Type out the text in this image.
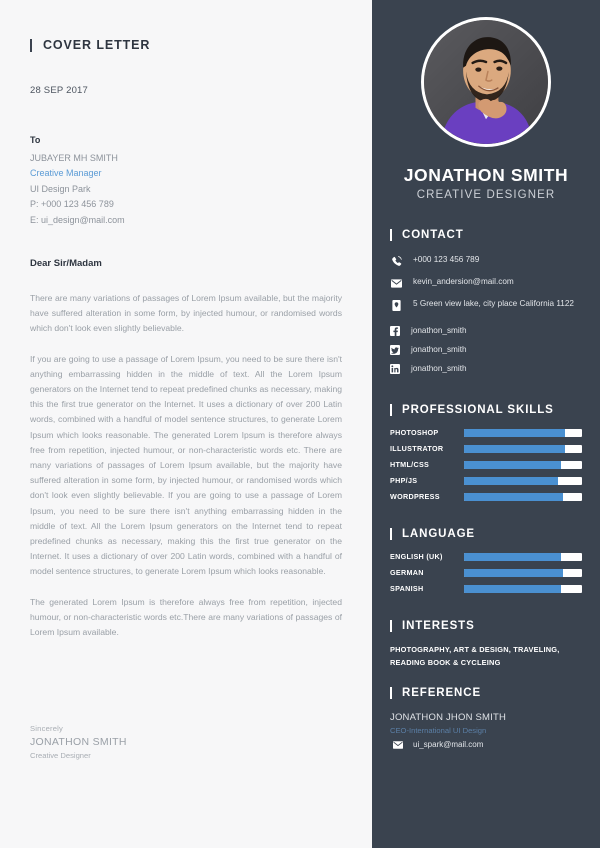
COVER LETTER
28 SEP 2017
To
JUBAYER MH SMITH
Creative Manager
UI Design Park
P: +000 123 456 789
E: ui_design@mail.com
Dear Sir/Madam

There are many variations of passages of Lorem Ipsum available, but the majority have suffered alteration in some form, by injected humour, or randomised words which don't look even slightly believable.

If you are going to use a passage of Lorem Ipsum, you need to be sure there isn't anything embarrassing hidden in the middle of text. All the Lorem Ipsum generators on the Internet tend to repeat predefined chunks as necessary, making this the first true generator on the Internet. It uses a dictionary of over 200 Latin words, combined with a handful of model sentence structures, to generate Lorem Ipsum which looks reasonable. The generated Lorem Ipsum is therefore always free from repetition, injected humour, or non-characteristic words etc. There are many variations of passages of Lorem Ipsum available, but the majority have suffered alteration in some form, by injected humour, or randomised words which don't look even slightly believable. If you are going to use a passage of Lorem Ipsum, you need to be sure there isn't anything embarrassing hidden in the middle of text. All the Lorem Ipsum generators on the Internet tend to repeat predefined chunks as necessary, making this the first true generator on the Internet. It uses a dictionary of over 200 Latin words, combined with a handful of model sentence structures, to generate Lorem Ipsum which looks reasonable.

The generated Lorem Ipsum is therefore always free from repetition, injected humour, or non-characteristic words etc.There are many variations of passages of Lorem Ipsum available.

Sincerely
JONATHON SMITH
Creative Designer
JONATHON SMITH
CREATIVE DESIGNER
CONTACT
+000 123 456 789
kevin_andersion@mail.com
5 Green view lake, city place California 1122
jonathon_smith
jonathon_smith
jonathon_smith
PROFESSIONAL SKILLS
PHOTOSHOP
ILLUSTRATOR
HTML/CSS
PHP/JS
WORDPRESS
LANGUAGE
ENGLISH (UK)
GERMAN
SPANISH
INTERESTS
PHOTOGRAPHY, ART & DESIGN, TRAVELING, READING BOOK & CYCLEING
REFERENCE
JONATHON JHON SMITH
CEO-International UI Design
ui_spark@mail.com
